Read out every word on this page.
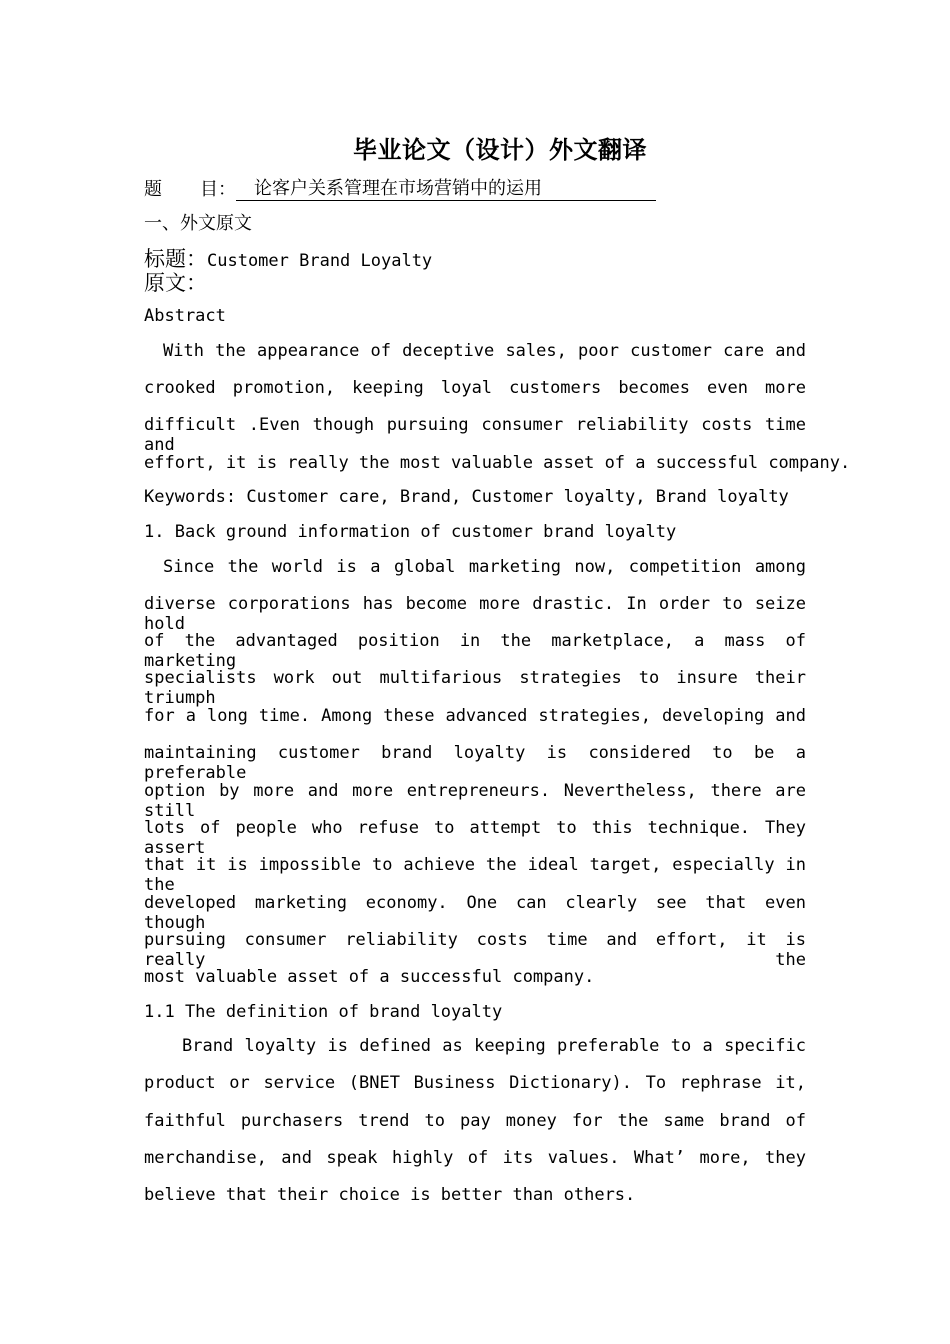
毕业论文（设计）外文翻译
题 目： 论客户关系管理在市场营销中的运用
一、外文原文
标题：Customer Brand Loyalty
原文：
Abstract
With the appearance of deceptive sales, poor customer care and
crooked promotion, keeping loyal customers becomes even more
difficult .Even though pursuing consumer reliability costs time and
effort, it is really the most valuable asset of a successful company.
Keywords: Customer care, Brand, Customer loyalty, Brand loyalty
1. Back ground information of customer brand loyalty
Since the world is a global marketing now, competition among
diverse corporations has become more drastic. In order to seize hold
of the advantaged position in the marketplace, a mass of marketing
specialists work out multifarious strategies to insure their triumph
for a long time. Among these advanced strategies, developing and
maintaining customer brand loyalty is considered to be a preferable
option by more and more entrepreneurs. Nevertheless, there are still
lots of people who refuse to attempt to this technique. They assert
that it is impossible to achieve the ideal target, especially in the
developed marketing economy. One can clearly see that even though
pursuing consumer reliability costs time and effort, it is really the
most valuable asset of a successful company.
1.1 The definition of brand loyalty
Brand loyalty is defined as keeping preferable to a specific
product or service (BNET Business Dictionary). To rephrase it,
faithful purchasers trend to pay money for the same brand of
merchandise, and speak highly of its values. What’ more, they
believe that their choice is better than others.
